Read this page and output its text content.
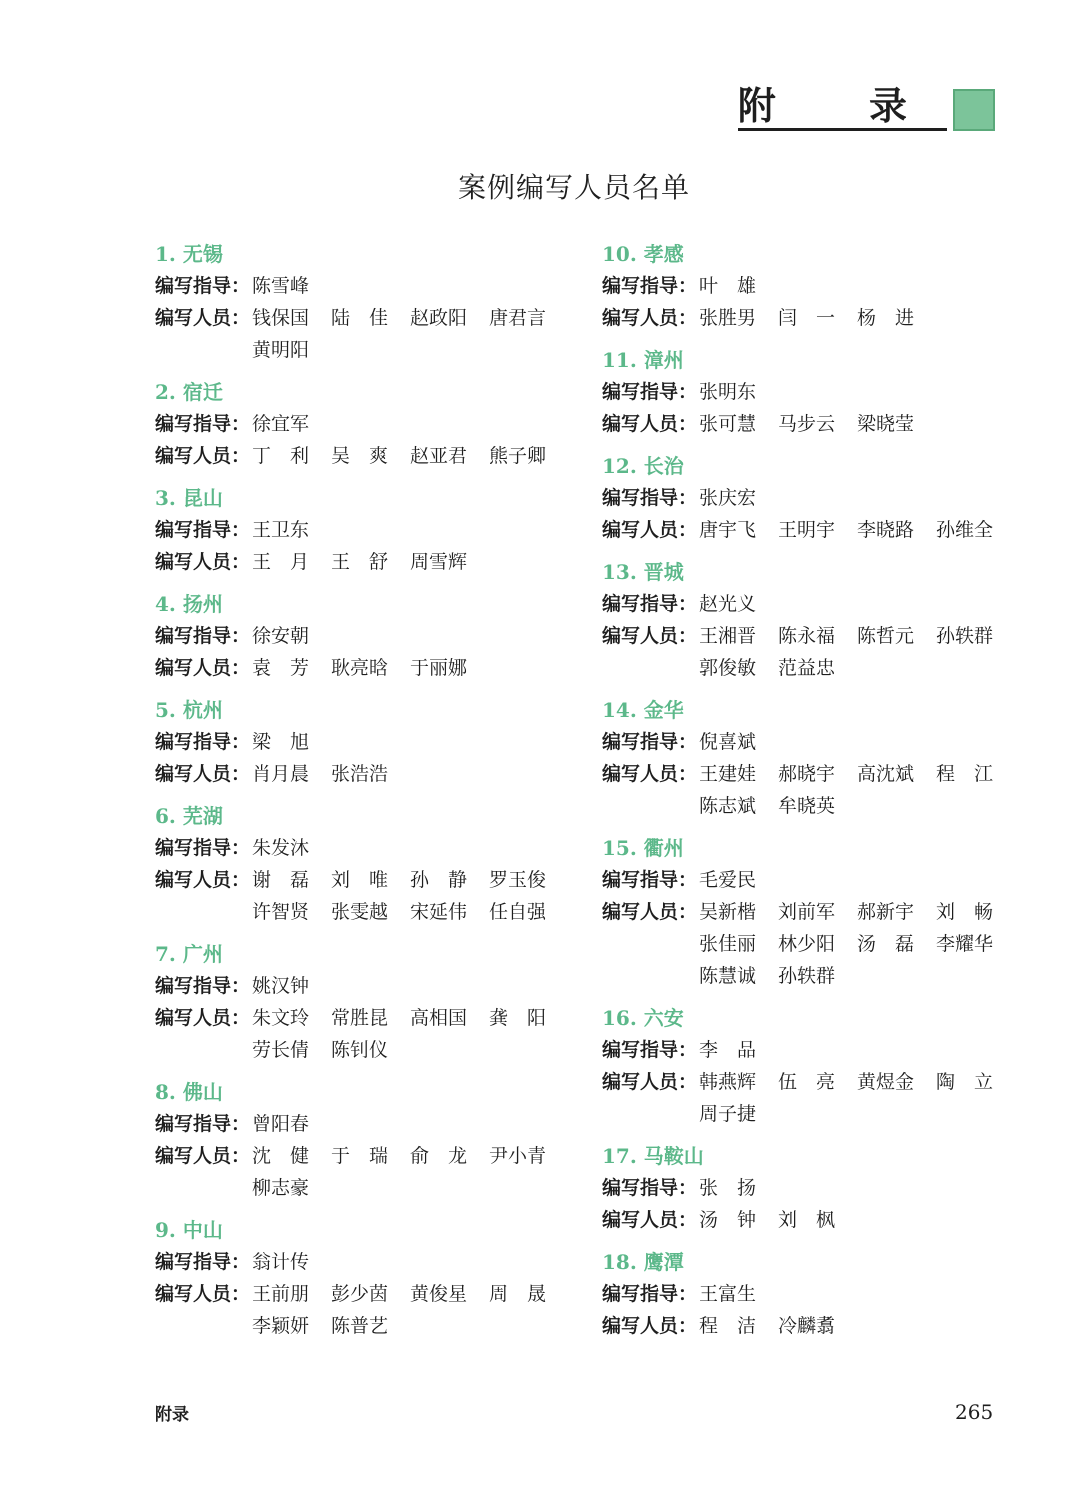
附 录
案例编写人员名单
1. 无锡
编写指导： 陈雪峰
编写人员： 钱保国	陆　佳	赵政阳	唐君言
黄明阳
2. 宿迁
编写指导： 徐宜军
编写人员： 丁　利	吴　爽	赵亚君	熊子卿
3. 昆山
编写指导： 王卫东
编写人员： 王　月	王　舒	周雪辉
4. 扬州
编写指导： 徐安朝
编写人员： 袁　芳	耿亮晗	于丽娜
5. 杭州
编写指导： 梁　旭
编写人员： 肖月晨	张浩浩
6. 芜湖
编写指导： 朱发沐
编写人员： 谢　磊	刘　唯	孙　静	罗玉俊
许智贤	张雯越	宋延伟	任自强
7. 广州
编写指导： 姚汉钟
编写人员： 朱文玲	常胜昆	高相国	龚　阳
劳长倩	陈钊仪
8. 佛山
编写指导： 曾阳春
编写人员： 沈　健	于　瑞	俞　龙	尹小青
柳志豪
9. 中山
编写指导： 翁计传
编写人员： 王前朋	彭少茵	黄俊星	周　晟
李颖妍	陈普艺
10. 孝感
编写指导： 叶　雄
编写人员： 张胜男	闫　一	杨　进
11. 漳州
编写指导： 张明东
编写人员： 张可慧	马步云	梁晓莹
12. 长治
编写指导： 张庆宏
编写人员： 唐宇飞	王明宇	李晓路	孙维全
13. 晋城
编写指导： 赵光义
编写人员： 王湘晋	陈永福	陈哲元	孙轶群
郭俊敏	范益忠
14. 金华
编写指导： 倪喜斌
编写人员： 王建娃	郝晓宇	高沈斌	程　江
陈志斌	牟晓英
15. 衢州
编写指导： 毛爱民
编写人员： 吴新楷	刘前军	郝新宇	刘　畅
张佳丽	林少阳	汤　磊	李耀华
陈慧诚	孙轶群
16. 六安
编写指导： 李　品
编写人员： 韩燕辉	伍　亮	黄煜金	陶　立
周子捷
17. 马鞍山
编写指导： 张　扬
编写人员： 汤　钟	刘　枫
18. 鹰潭
编写指导： 王富生
编写人员： 程　洁	冷麟翥
附录	265
